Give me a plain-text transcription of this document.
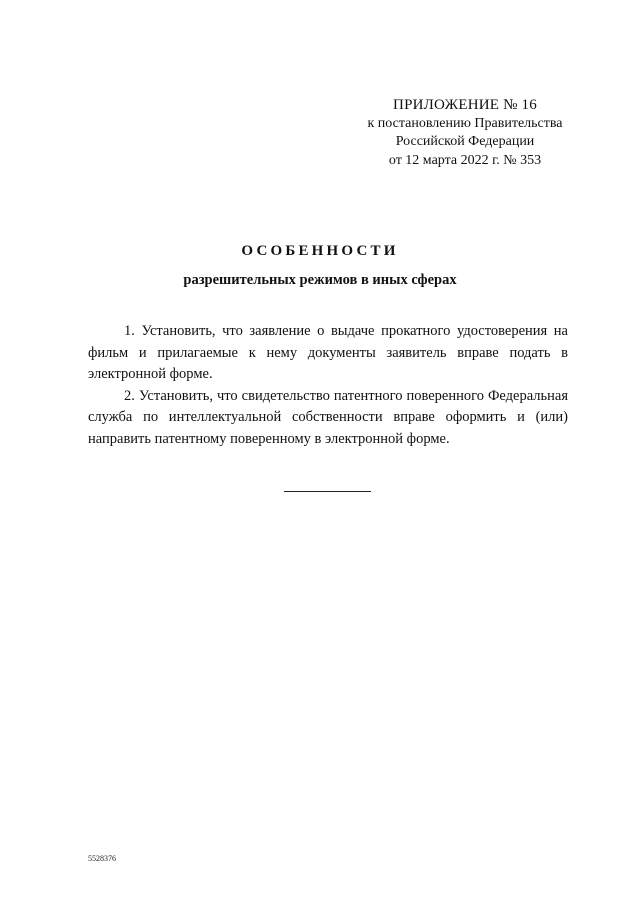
ПРИЛОЖЕНИЕ № 16
к постановлению Правительства
Российской Федерации
от 12 марта 2022 г. № 353
ОСОБЕННОСТИ
разрешительных режимов в иных сферах

1. Установить, что заявление о выдаче прокатного удостоверения на фильм и прилагаемые к нему документы заявитель вправе подать в электронной форме.

2. Установить, что свидетельство патентного поверенного Федеральная служба по интеллектуальной собственности вправе оформить и (или) направить патентному поверенному в электронной форме.

5528376
